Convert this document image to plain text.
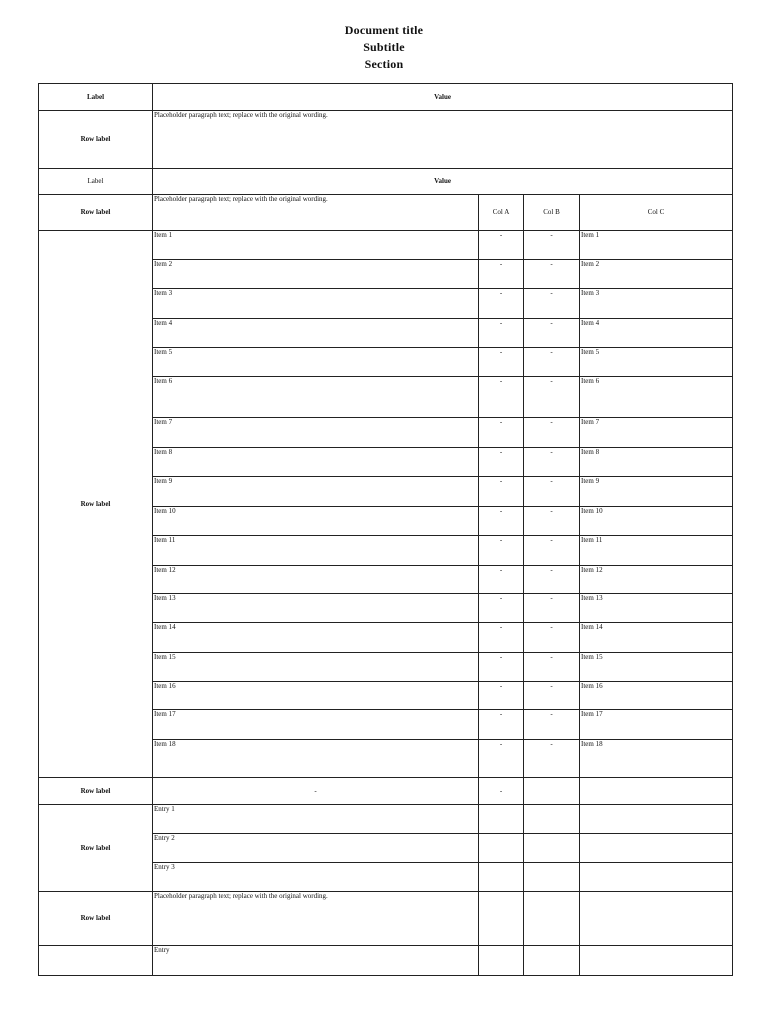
Document title
Subtitle
Section
Label	Value			
Row label	Placeholder paragraph text; replace with the original wording.			
Label	Value			
Row label	Placeholder paragraph text; replace with the original wording.	Col A	Col B	Col C
Row label	Item 1	-	-	Item 1
	Item 2	-	-	Item 2
	Item 3	-	-	Item 3
	Item 4	-	-	Item 4
	Item 5	-	-	Item 5
	Item 6	-	-	Item 6
	Item 7	-	-	Item 7
	Item 8	-	-	Item 8
	Item 9	-	-	Item 9
	Item 10	-	-	Item 10
	Item 11	-	-	Item 11
	Item 12	-	-	Item 12
	Item 13	-	-	Item 13
	Item 14	-	-	Item 14
	Item 15	-	-	Item 15
	Item 16	-	-	Item 16
	Item 17	-	-	Item 17
	Item 18	-	-	Item 18
Row label	-	-		
Row label	Entry 1			
	Entry 2			
	Entry 3			
Row label	Placeholder paragraph text; replace with the original wording.			
	Entry			
